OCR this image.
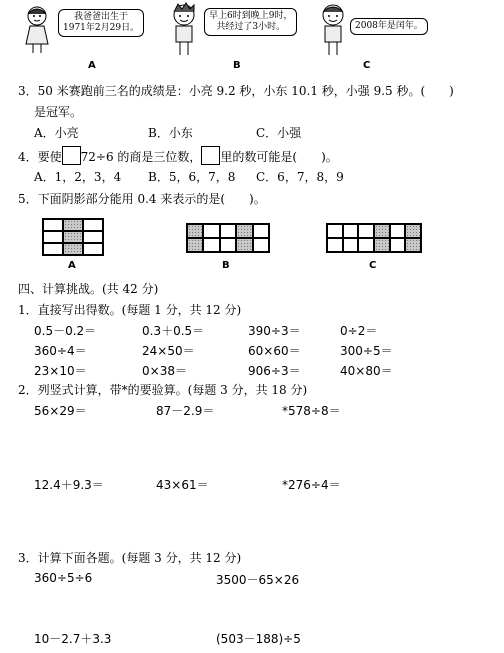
我爸爸出生于
1971年2月29日。
A
早上6时到晚上9时，
共经过了3小时。
B
2008年是闰年。
C
3．50 米赛跑前三名的成绩是：小亮 9.2 秒，小东 10.1 秒，小强 9.5 秒。(　　)
是冠军。
A．小亮	B．小东	C．小强
4．要使 72÷6 的商是三位数， 里的数可能是(　　)。
A．1，2，3，4 B．5，6，7，8 C．6，7，8，9
5．下面阴影部分能用 0.4 来表示的是(　　)。
A	B	C
四、计算挑战。(共 42 分)
1．直接写出得数。(每题 1 分，共 12 分)
0.5－0.2＝	0.3＋0.5＝	390÷3＝	0÷2＝
360÷4＝	24×50＝	60×60＝	300÷5＝
23×10＝	0×38＝	906÷3＝	40×80＝
2．列竖式计算，带*的要验算。(每题 3 分，共 18 分)
56×29＝	87－2.9＝	*578÷8＝
12.4＋9.3＝	43×61＝	*276÷4＝
3．计算下面各题。(每题 3 分，共 12 分)
360÷5÷6	3500－65×26
10－2.7＋3.3	(503－188)÷5
